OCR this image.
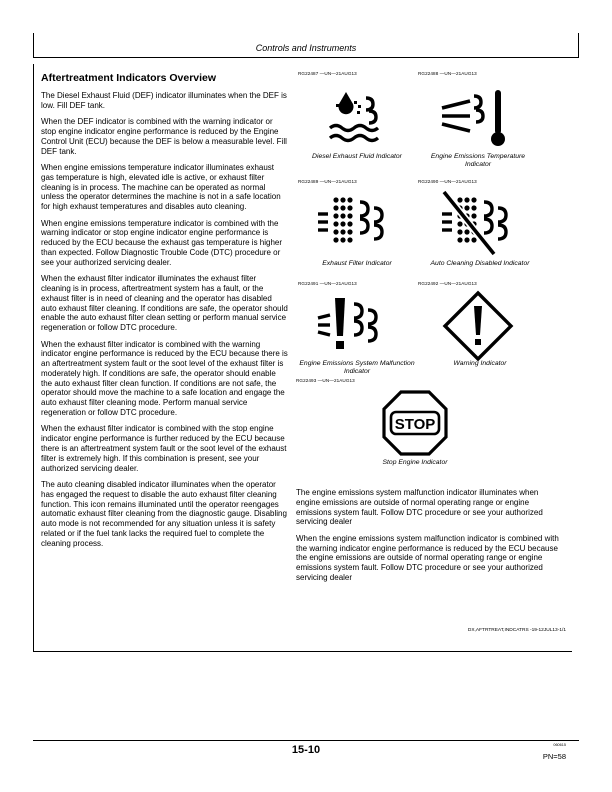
Controls and Instruments
Aftertreatment Indicators Overview

The Diesel Exhaust Fluid (DEF) indicator illuminates when the DEF is low. Fill DEF tank.

When the DEF indicator is combined with the warning indicator or stop engine indicator engine performance is reduced by the Engine Control Unit (ECU) because the DEF is below a measurable level. Fill DEF tank.

When engine emissions temperature indicator illuminates exhaust gas temperature is high, elevated idle is active, or exhaust filter cleaning is in process. The machine can be operated as normal unless the operator determines the machine is not in a safe location for high exhaust temperatures and disables auto cleaning.

When engine emissions temperature indicator is combined with the warning indicator or stop engine indicator engine performance is reduced by the ECU because the exhaust gas temperature is higher than expected. Follow Diagnostic Trouble Code (DTC) procedure or see your authorized servicing dealer.

When the exhaust filter indicator illuminates the exhaust filter cleaning is in process, aftertreatment system has a fault, or the exhaust filter is in need of cleaning and the operator has disabled auto exhaust filter cleaning. If conditions are safe, the operator should enable the auto exhaust filter clean setting or perform manual service regeneration or follow DTC procedure.

When the exhaust filter indicator is combined with the warning indicator engine performance is reduced by the ECU because there is an aftertreatment system fault or the soot level of the exhaust filter is moderately high. If conditions are safe, the operator should enable the auto exhaust filter clean function. If conditions are not safe, the operator should move the machine to a safe location and engage the auto exhaust filter cleaning mode. Perform manual service regeneration or follow DTC procedure.

When the exhaust filter indicator is combined with the stop engine indicator engine performance is further reduced by the ECU because there is an aftertreatment system fault or the soot level of the exhaust filter is extremely high. If this combination is present, see your authorized servicing dealer.

The auto cleaning disabled indicator illuminates when the operator has engaged the request to disable the auto exhaust filter cleaning function. This icon remains illuminated until the operator reengages automatic exhaust filter cleaning from the diagnostic gauge. Disabling auto mode is not recommended for any situation unless it is safety related or if the fuel tank lacks the required fuel to complete the cleaning process.

RG22487 —UN—21AUG13
Diesel Exhaust Fluid Indicator
RG22488 —UN—21AUG13
Engine Emissions Temperature Indicator
RG22489 —UN—21AUG13
Exhaust Filter Indicator
RG22490 —UN—21AUG13
Auto Cleaning Disabled Indicator
RG22491 —UN—21AUG13
Engine Emissions System Malfunction Indicator
RG22492 —UN—21AUG13
Warning Indicator
RG22493 —UN—21AUG13
STOP
Stop Engine Indicator

The engine emissions system malfunction indicator illuminates when engine emissions are outside of normal operating range or engine emissions system fault. Follow DTC procedure or see your authorized servicing dealer

When the engine emissions system malfunction indicator is combined with the warning indicator engine performance is reduced by the ECU because the engine emissions are outside of normal operating range or engine emissions system fault. Follow DTC procedure or see your authorized servicing dealer

DX,AFTRTREAT,INDCATRS -19-12JUL13-1/1
15-10	060615
PN=58
